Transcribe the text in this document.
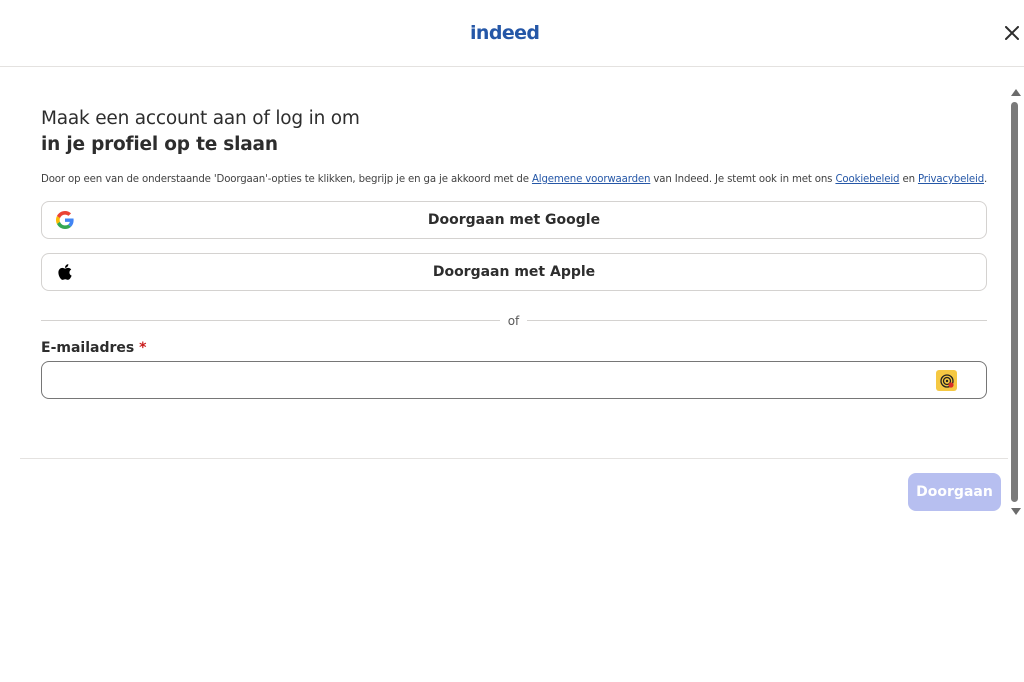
indeed
Maak een account aan of log in om
in je profiel op te slaan
Door op een van de onderstaande 'Doorgaan'-opties te klikken, begrijp je en ga je akkoord met de Algemene voorwaarden van Indeed. Je stemt ook in met ons Cookiebeleid en Privacybeleid.
Doorgaan met Google
Doorgaan met Apple
of
E-mailadres *
Doorgaan
